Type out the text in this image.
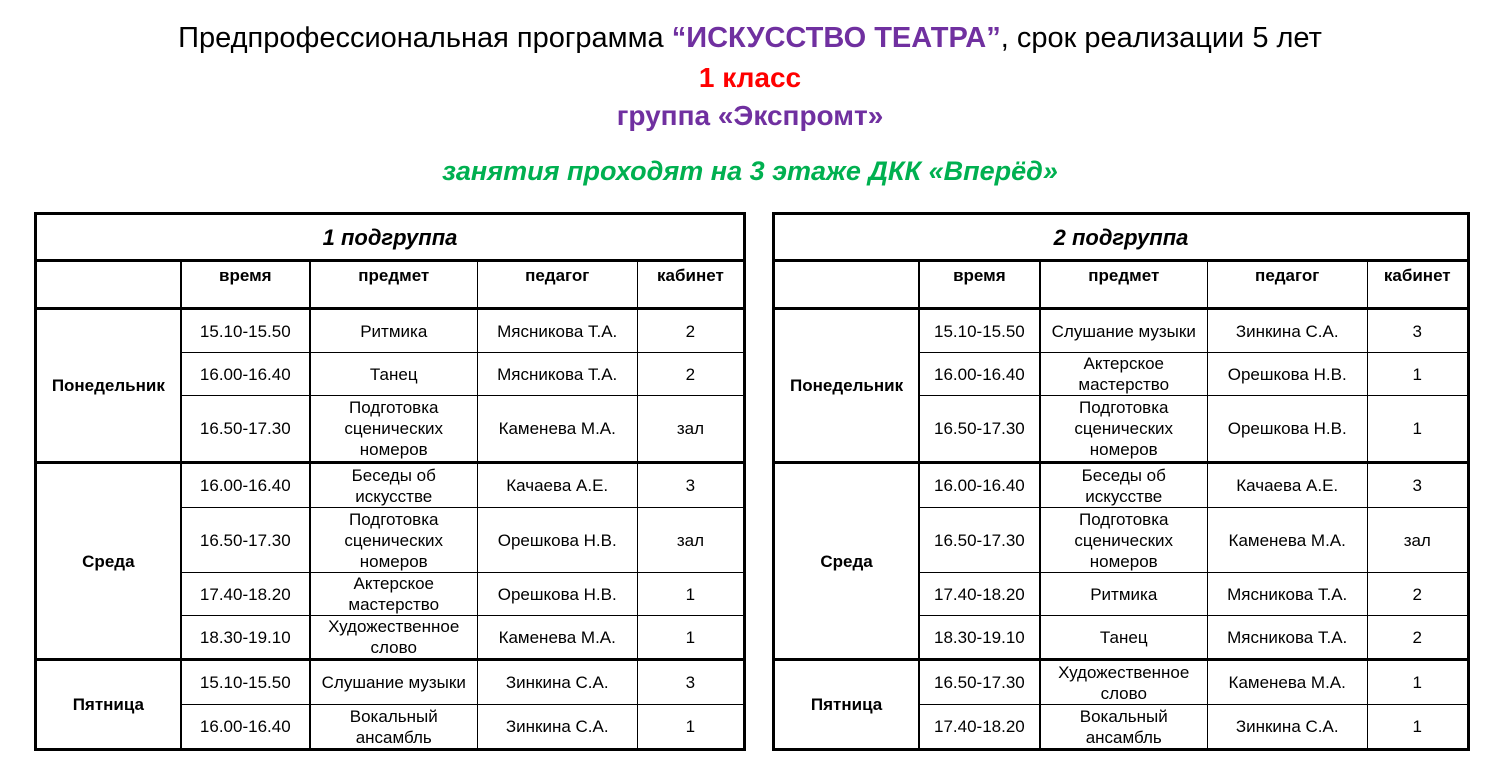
Предпрофессиональная программа “ИСКУССТВО ТЕАТРА”, срок реализации 5 лет
1 класс
группа «Экспромт»
занятия проходят на 3 этаже ДКК «Вперёд»
1 подгруппа				
	время	предмет	педагог	кабинет
Понедельник	15.10-15.50	Ритмика	Мясникова Т.А.	2
	16.00-16.40	Танец	Мясникова Т.А.	2
	16.50-17.30	Подготовка сценических номеров	Каменева М.А.	зал
Среда	16.00-16.40	Беседы об искусстве	Качаева А.Е.	3
	16.50-17.30	Подготовка сценических номеров	Орешкова Н.В.	зал
	17.40-18.20	Актерское мастерство	Орешкова Н.В.	1
	18.30-19.10	Художественное слово	Каменева М.А.	1
Пятница	15.10-15.50	Слушание музыки	Зинкина С.А.	3
	16.00-16.40	Вокальный ансамбль	Зинкина С.А.	1
2 подгруппа				
	время	предмет	педагог	кабинет
Понедельник	15.10-15.50	Слушание музыки	Зинкина С.А.	3
	16.00-16.40	Актерское мастерство	Орешкова Н.В.	1
	16.50-17.30	Подготовка сценических номеров	Орешкова Н.В.	1
Среда	16.00-16.40	Беседы об искусстве	Качаева А.Е.	3
	16.50-17.30	Подготовка сценических номеров	Каменева М.А.	зал
	17.40-18.20	Ритмика	Мясникова Т.А.	2
	18.30-19.10	Танец	Мясникова Т.А.	2
Пятница	16.50-17.30	Художественное слово	Каменева М.А.	1
	17.40-18.20	Вокальный ансамбль	Зинкина С.А.	1
